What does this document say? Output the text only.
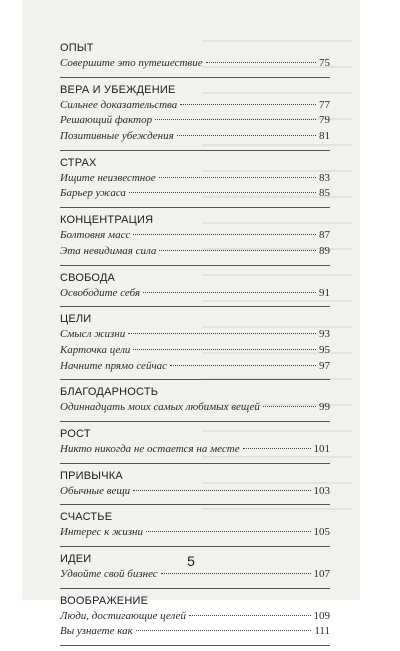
ОПЫТ
Совершите это путешествие	75
ВЕРА И УБЕЖДЕНИЕ
Сильнее доказательства	77
Решающий фактор	79
Позитивные убеждения	81
СТРАХ
Ищите неизвестное	83
Барьер ужаса	85
КОНЦЕНТРАЦИЯ
Болтовня масс	87
Эта невидимая сила	89
СВОБОДА
Освободите себя	91
ЦЕЛИ
Смысл жизни	93
Карточка цели	95
Начните прямо сейчас	97
БЛАГОДАРНОСТЬ
Одиннадцать моих самых любимых вещей	99
РОСТ
Никто никогда не остается на месте	101
ПРИВЫЧКА
Обычные вещи	103
СЧАСТЬЕ
Интерес к жизни	105
ИДЕИ
Удвойте свой бизнес	107
ВООБРАЖЕНИЕ
Люди, достигающие целей	109
Вы узнаете как	111
5
